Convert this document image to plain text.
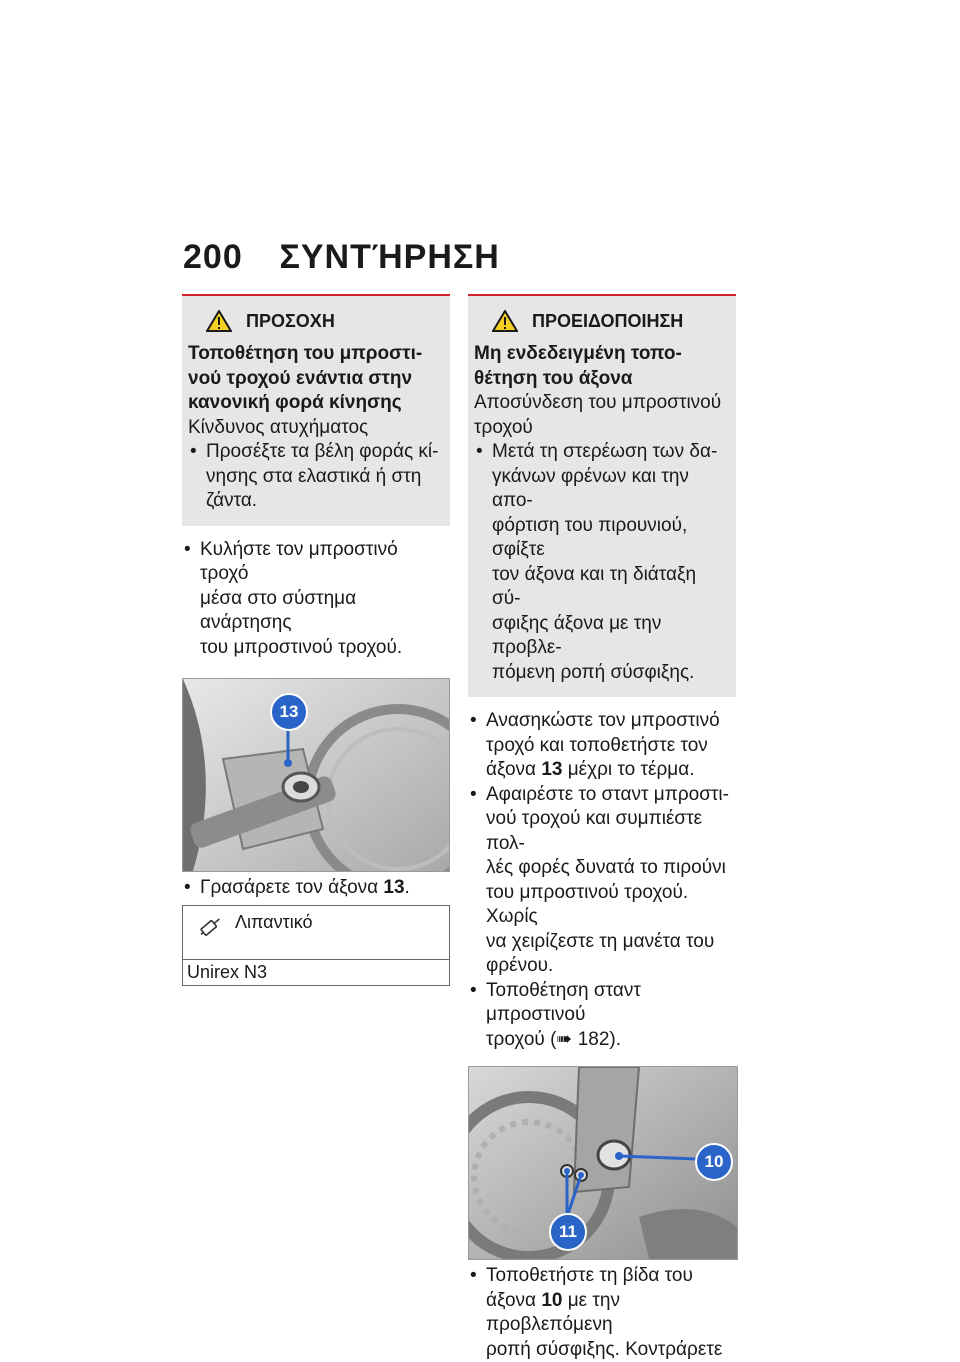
200 ΣΥΝΤΉΡΗΣΗ
ΠΡΟΣΟΧΗ
Τοποθέτηση του μπροστι-
νού τροχού ενάντια στην
κανονική φορά κίνησης
Κίνδυνος ατυχήματος
• Προσέξτε τα βέλη φοράς κί-
νησης στα ελαστικά ή στη
ζάντα.
• Κυλήστε τον μπροστινό τροχό
μέσα στο σύστημα ανάρτησης
του μπροστινού τροχού.
13
• Γρασάρετε τον άξονα 13.
Λιπαντικό
Unirex N3
ΠΡΟΕΙΔΟΠΟΙΗΣΗ
Μη ενδεδειγμένη τοπο-
θέτηση του άξονα
Αποσύνδεση του μπροστινού
τροχού
• Μετά τη στερέωση των δα-
γκάνων φρένων και την απο-
φόρτιση του πιρουνιού, σφίξτε
τον άξονα και τη διάταξη σύ-
σφιξης άξονα με την προβλε-
πόμενη ροπή σύσφιξης.
• Ανασηκώστε τον μπροστινό
τροχό και τοποθετήστε τον
άξονα 13 μέχρι το τέρμα.
• Αφαιρέστε το σταντ μπροστι-
νού τροχού και συμπιέστε πολ-
λές φορές δυνατά το πιρούνι
του μπροστινού τροχού. Χωρίς
να χειρίζεστε τη μανέτα του
φρένου.
• Τοποθέτηση σταντ μπροστινού
τροχού (➠ 182).
10
11
• Τοποθετήστε τη βίδα του
άξονα 10 με την προβλεπόμενη
ροπή σύσφιξης. Κοντράρετε
